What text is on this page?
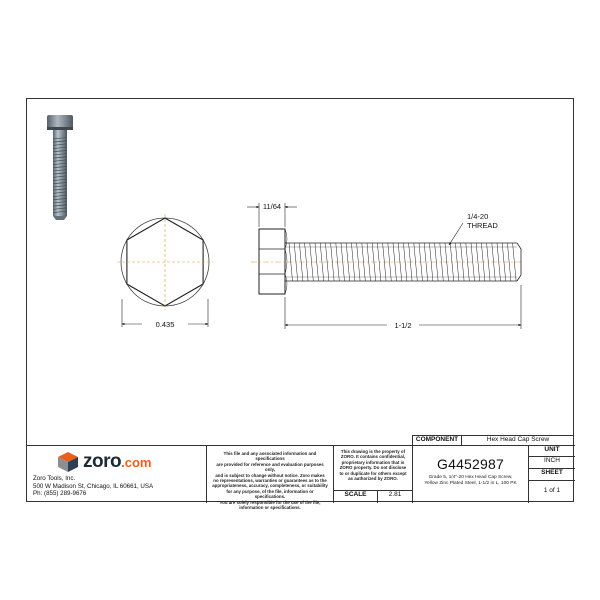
0.435
11/64
1/4-20
THREAD
1-1/2
zoro .com
Zoro Tools, Inc.
500 W Madison St, Chicago, IL 60661, USA
Ph: (855) 289-9676
This file and any associated information and specifications
are provided for reference and evaluation purposes only,
and is subject to change without notice. Zoro makes
no representations, warranties or guarantees as to the
appropriateness, accuracy, completeness, or suitability
for any purpose, of the file, information or specifications.
You are solely responsible for the use of the file,
information or specifications.
This drawing is the property of
ZORO. It contains confidential,
proprietary information that is
ZORO property. Do not disclose
to or duplicate for others except
as authorized by ZORO.
SCALE	2.81
COMPONENT	Hex Head Cap Screw
G4452987
Grade 5, 1/4"-20 Hex Head Cap Screw,
Yellow Zinc Plated Steel, 1-1/2 in L, 100 PK
UNIT
INCH
SHEET
1 of 1
